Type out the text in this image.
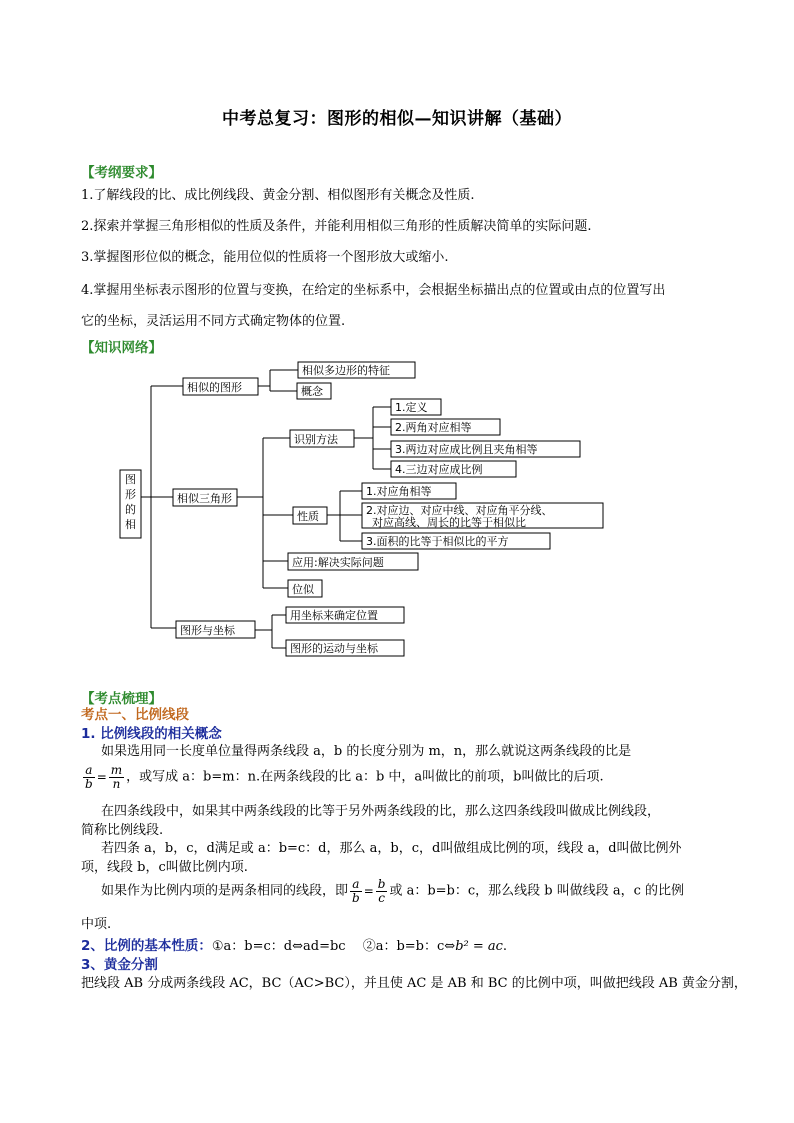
中考总复习：图形的相似—知识讲解（基础）
【考纲要求】
1.了解线段的比、成比例线段、黄金分割、相似图形有关概念及性质.
2.探索并掌握三角形相似的性质及条件，并能利用相似三角形的性质解决简单的实际问题.
3.掌握图形位似的概念，能用位似的性质将一个图形放大或缩小.
4.掌握用坐标表示图形的位置与变换，在给定的坐标系中，会根据坐标描出点的位置或由点的位置写出
它的坐标，灵活运用不同方式确定物体的位置.
【知识网络】
图
形
的
相
相似的图形
相似多边形的特征
概念
相似三角形
识别方法
1.定义
2.两角对应相等
3.两边对应成比例且夹角相等
4.三边对应成比例
性质
1.对应角相等
2.对应边、对应中线、对应角平分线、
对应高线、周长的比等于相似比
3.面积的比等于相似比的平方
应用:解决实际问题
位似
图形与坐标
用坐标来确定位置
图形的运动与坐标
【考点梳理】
考点一、比例线段
1. 比例线段的相关概念
如果选用同一长度单位量得两条线段 a，b 的长度分别为 m，n，那么就说这两条线段的比是
$\frac{a}{b} = \frac{m}{n}$ ，或写成 a：b=m：n.在两条线段的比 a：b 中，a叫做比的前项，b叫做比的后项.
在四条线段中，如果其中两条线段的比等于另外两条线段的比，那么这四条线段叫做成比例线段，
简称比例线段.
若四条 a，b，c，d满足或 a：b=c：d，那么 a，b，c，d叫做组成比例的项，线段 a，d叫做比例外
项，线段 b，c叫做比例内项.
如果作为比例内项的是两条相同的线段，即 $\frac{a}{b} = \frac{b}{c}$ 或 a：b=b：c，那么线段 b 叫做线段 a，c 的比例
中项.
2、比例的基本性质：①a：b=c：d⇔ad=bc　 ②a：b=b：c⇔b² = ac.
3、黄金分割
把线段 AB 分成两条线段 AC，BC（AC>BC），并且使 AC 是 AB 和 BC 的比例中项，叫做把线段 AB 黄金分割，
